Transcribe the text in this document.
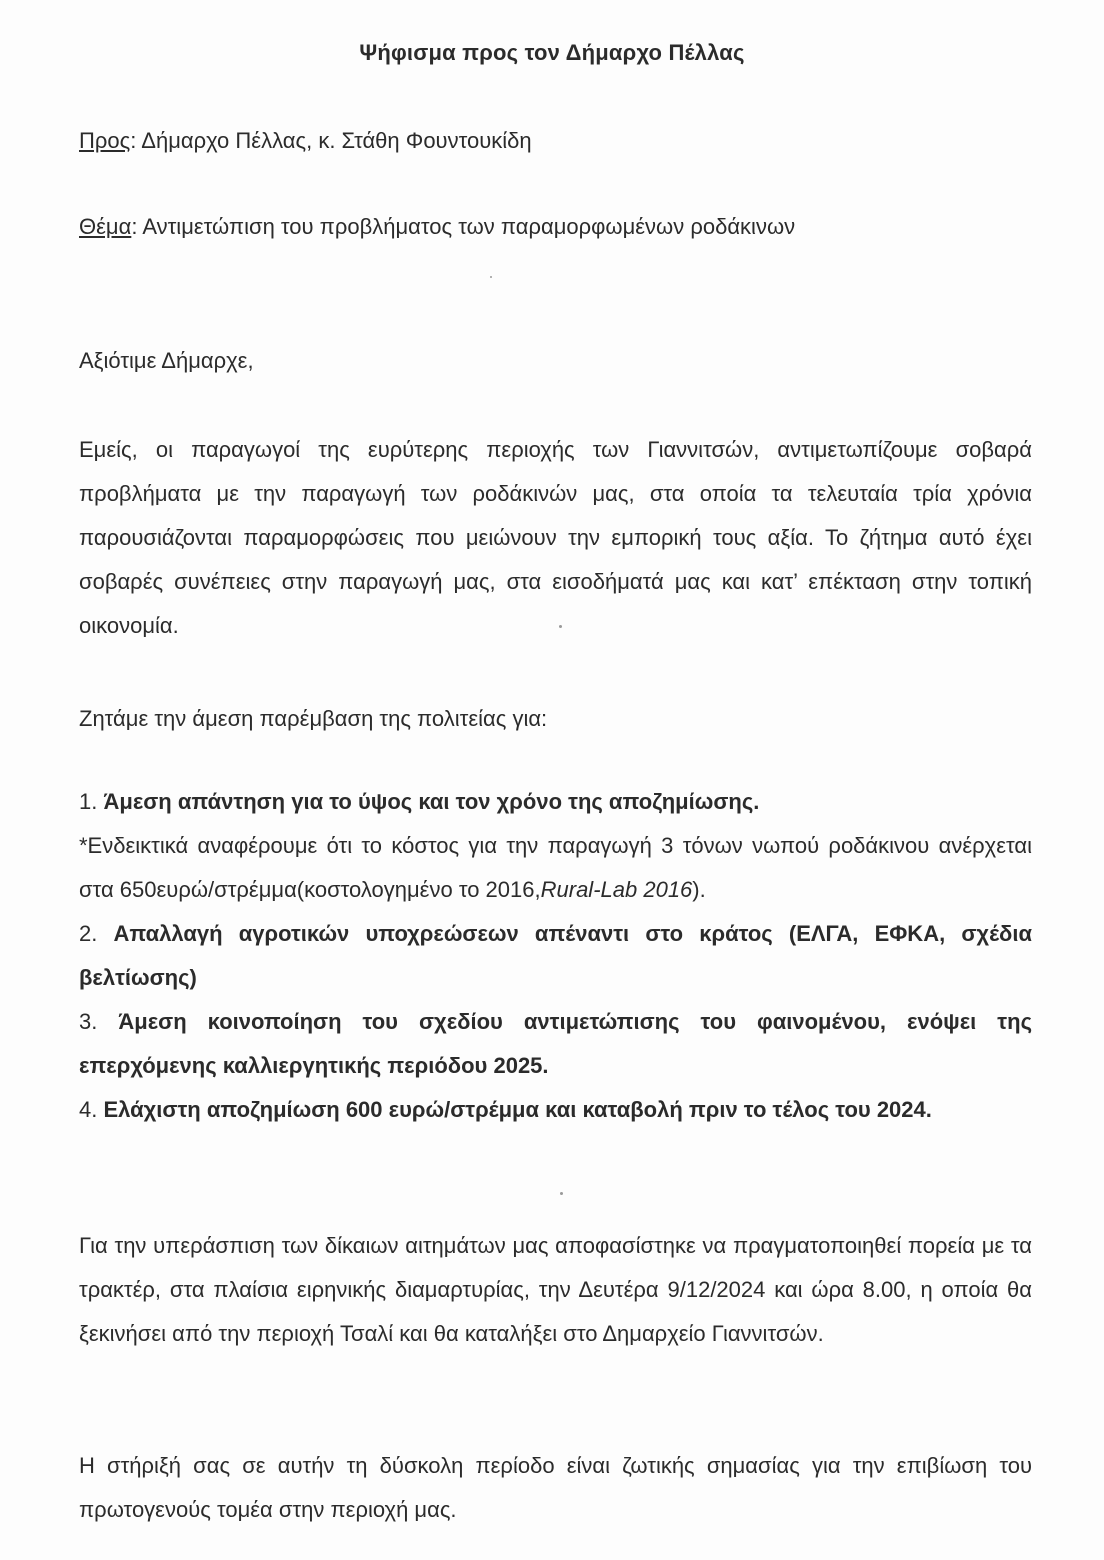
Ψήφισμα προς τον Δήμαρχο Πέλλας
Προς: Δήμαρχο Πέλλας, κ. Στάθη Φουντουκίδη
Θέμα: Αντιμετώπιση του προβλήματος των παραμορφωμένων ροδάκινων
Αξιότιμε Δήμαρχε,
Εμείς, οι παραγωγοί της ευρύτερης περιοχής των Γιαννιτσών, αντιμετωπίζουμε σοβαρά προβλήματα με την παραγωγή των ροδάκινών μας, στα οποία τα τελευταία τρία χρόνια παρουσιάζονται παραμορφώσεις που μειώνουν την εμπορική τους αξία. Το ζήτημα αυτό έχει σοβαρές συνέπειες στην παραγωγή μας, στα εισοδήματά μας και κατ’ επέκταση στην τοπική οικονομία.
Ζητάμε την άμεση παρέμβαση της πολιτείας για:

1. Άμεση απάντηση για το ύψος και τον χρόνο της αποζημίωσης.

*Ενδεικτικά αναφέρουμε ότι το κόστος για την παραγωγή 3 τόνων νωπού ροδάκινου ανέρχεται στα 650ευρώ/στρέμμα(κοστολογημένο το 2016,Rural-Lab 2016).

2. Απαλλαγή αγροτικών υποχρεώσεων απέναντι στο κράτος (ΕΛΓΑ, ΕΦΚΑ, σχέδια βελτίωσης)

3. Άμεση κοινοποίηση του σχεδίου αντιμετώπισης του φαινομένου, ενόψει της επερχόμενης καλλιεργητικής περιόδου 2025.

4. Ελάχιστη αποζημίωση 600 ευρώ/στρέμμα και καταβολή πριν το τέλος του 2024.

Για την υπεράσπιση των δίκαιων αιτημάτων μας αποφασίστηκε να πραγματοποιηθεί πορεία με τα τρακτέρ, στα πλαίσια ειρηνικής διαμαρτυρίας, την Δευτέρα 9/12/2024 και ώρα 8.00, η οποία θα ξεκινήσει από την περιοχή Τσαλί και θα καταλήξει στο Δημαρχείο Γιαννιτσών.
Η στήριξή σας σε αυτήν τη δύσκολη περίοδο είναι ζωτικής σημασίας για την επιβίωση του πρωτογενούς τομέα στην περιοχή μας.
